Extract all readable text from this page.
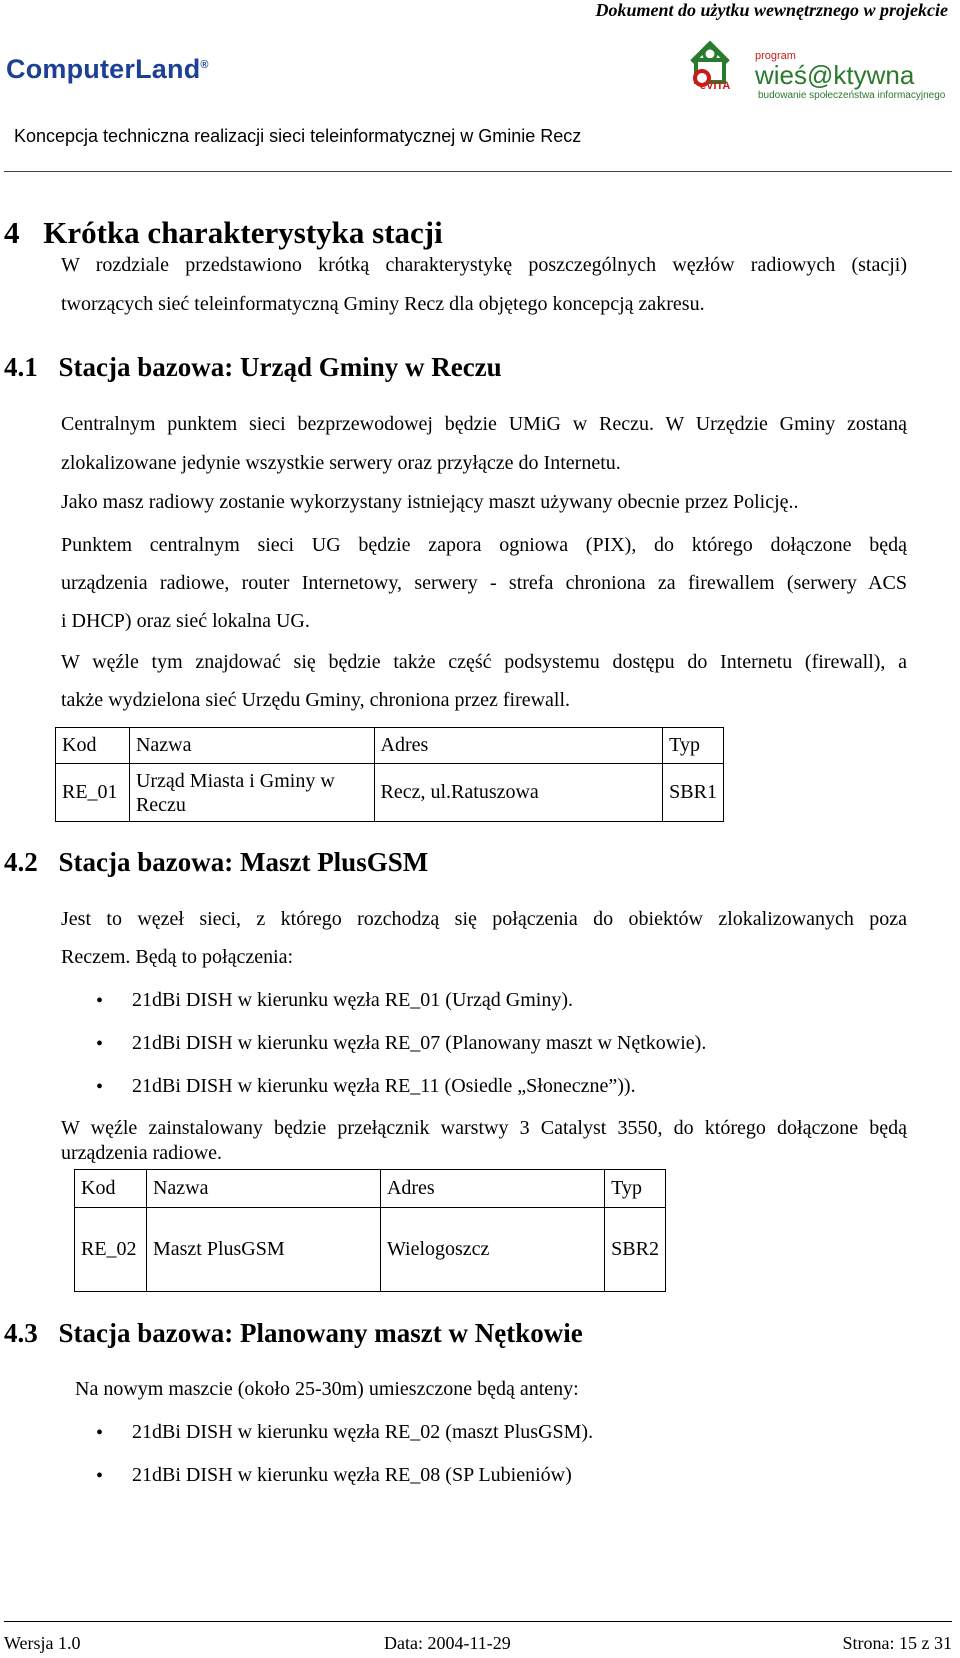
Dokument do użytku wewnętrznego w projekcie
ComputerLand®
eVITA
program
wieś@ktywna
budowanie społeczeństwa informacyjnego
Koncepcja techniczna realizacji sieci teleinformatycznej w Gminie Recz
4 Krótka charakterystyka stacji
W rozdziale przedstawiono krótką charakterystykę poszczególnych węzłów radiowych (stacji)
tworzących sieć teleinformatyczną Gminy Recz dla objętego koncepcją zakresu.
4.1 Stacja bazowa: Urząd Gminy w Reczu
Centralnym punktem sieci bezprzewodowej będzie UMiG w Reczu. W Urzędzie Gminy zostaną
zlokalizowane jedynie wszystkie serwery oraz przyłącze do Internetu.
Jako masz radiowy zostanie wykorzystany istniejący maszt używany obecnie przez Policję..
Punktem centralnym sieci UG będzie zapora ogniowa (PIX), do którego dołączone będą
urządzenia radiowe, router Internetowy, serwery - strefa chroniona za firewallem (serwery ACS
i DHCP) oraz sieć lokalna UG.
W węźle tym znajdować się będzie także część podsystemu dostępu do Internetu (firewall), a
także wydzielona sieć Urzędu Gminy, chroniona przez firewall.
Kod	Nazwa	Adres	Typ
RE_01	Urząd Miasta i Gminy w Reczu	Recz, ul.Ratuszowa	SBR1
4.2 Stacja bazowa: Maszt PlusGSM
Jest to węzeł sieci, z którego rozchodzą się połączenia do obiektów zlokalizowanych poza
Reczem. Będą to połączenia:
• 21dBi DISH w kierunku węzła RE_01 (Urząd Gminy).
• 21dBi DISH w kierunku węzła RE_07 (Planowany maszt w Nętkowie).
• 21dBi DISH w kierunku węzła RE_11 (Osiedle „Słoneczne”)).
W węźle zainstalowany będzie przełącznik warstwy 3 Catalyst 3550, do którego dołączone będą
urządzenia radiowe.
Kod	Nazwa	Adres	Typ
RE_02	Maszt PlusGSM	Wielogoszcz	SBR2
4.3 Stacja bazowa: Planowany maszt w Nętkowie
Na nowym maszcie (około 25-30m) umieszczone będą anteny:
• 21dBi DISH w kierunku węzła RE_02 (maszt PlusGSM).
• 21dBi DISH w kierunku węzła RE_08 (SP Lubieniów)
Wersja 1.0	Data: 2004-11-29	Strona: 15 z 31
